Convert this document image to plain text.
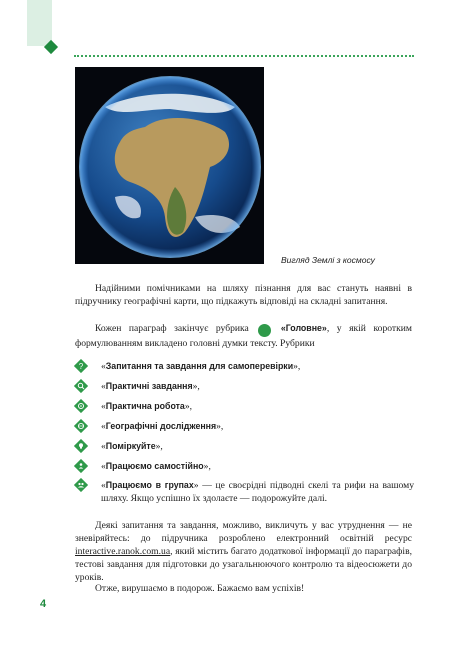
Вигляд Землі з космосу

Надійними помічниками на шляху пізнання для вас стануть наявні в підручнику географічні карти, що підкажуть відповіді на складні запитання.

Кожен параграф закінчує рубрика	! «Головне», у якій коротким формулюванням викладено головні думки тексту. Рубрики

? «Запитання та завдання для самоперевірки»,
«Практичні завдання»,
«Практична робота»,
«Географічні дослідження»,
«Поміркуйте»,
«Працюємо самостійно»,
«Працюємо в групах» — це своєрідні підводні скелі та рифи на вашому шляху. Якщо успішно їх здолаєте — подорожуйте далі.

Деякі запитання та завдання, можливо, викличуть у вас утруднення — не зневіряйтесь: до підручника розроблено електронний освітній ресурс interactive.ranok.com.ua, який містить багато додаткової інформації до параграфів, тестові завдання для підготовки до узагальнюючого контролю та відеосюжети до уроків.

Отже, вирушаємо в подорож. Бажаємо вам успіхів!

4
